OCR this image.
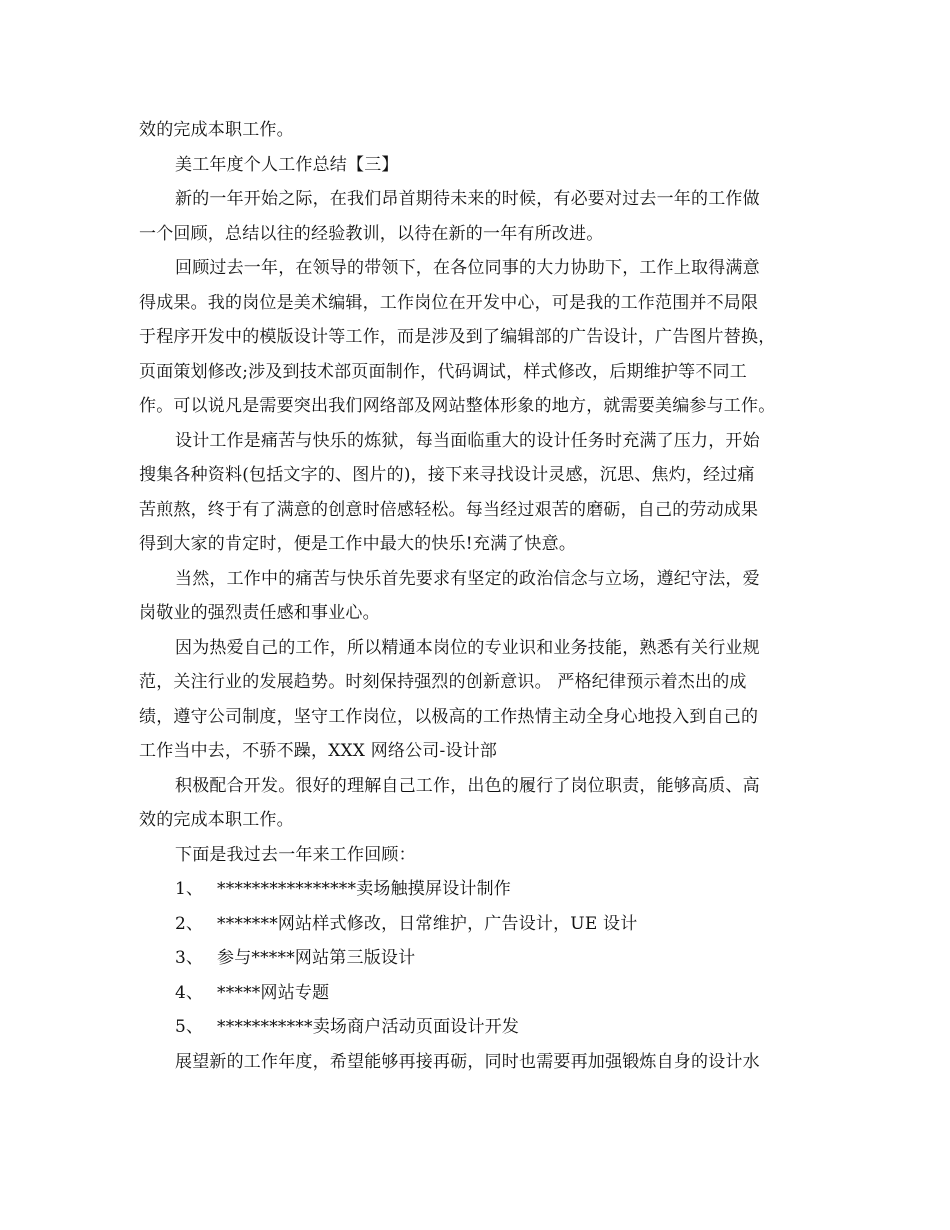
效的完成本职工作。
美工年度个人工作总结【三】
新的一年开始之际，在我们昂首期待未来的时候，有必要对过去一年的工作做
一个回顾，总结以往的经验教训，以待在新的一年有所改进。
回顾过去一年，在领导的带领下，在各位同事的大力协助下，工作上取得满意
得成果。我的岗位是美术编辑，工作岗位在开发中心，可是我的工作范围并不局限
于程序开发中的模版设计等工作，而是涉及到了编辑部的广告设计，广告图片替换，
页面策划修改;涉及到技术部页面制作，代码调试，样式修改，后期维护等不同工
作。可以说凡是需要突出我们网络部及网站整体形象的地方，就需要美编参与工作。
设计工作是痛苦与快乐的炼狱，每当面临重大的设计任务时充满了压力，开始
搜集各种资料(包括文字的、图片的)，接下来寻找设计灵感，沉思、焦灼，经过痛
苦煎熬，终于有了满意的创意时倍感轻松。每当经过艰苦的磨砺，自己的劳动成果
得到大家的肯定时，便是工作中最大的快乐!充满了快意。
当然，工作中的痛苦与快乐首先要求有坚定的政治信念与立场，遵纪守法，爱
岗敬业的强烈责任感和事业心。
因为热爱自己的工作，所以精通本岗位的专业识和业务技能，熟悉有关行业规
范，关注行业的发展趋势。时刻保持强烈的创新意识。 严格纪律预示着杰出的成
绩，遵守公司制度，坚守工作岗位，以极高的工作热情主动全身心地投入到自己的
工作当中去，不骄不躁，XXX 网络公司-设计部
积极配合开发。很好的理解自己工作，出色的履行了岗位职责，能够高质、高
效的完成本职工作。
下面是我过去一年来工作回顾：
1、 ****************卖场触摸屏设计制作
2、 *******网站样式修改，日常维护，广告设计，UE 设计
3、 参与*****网站第三版设计
4、 *****网站专题
5、 ***********卖场商户活动页面设计开发
展望新的工作年度，希望能够再接再砺，同时也需要再加强锻炼自身的设计水
